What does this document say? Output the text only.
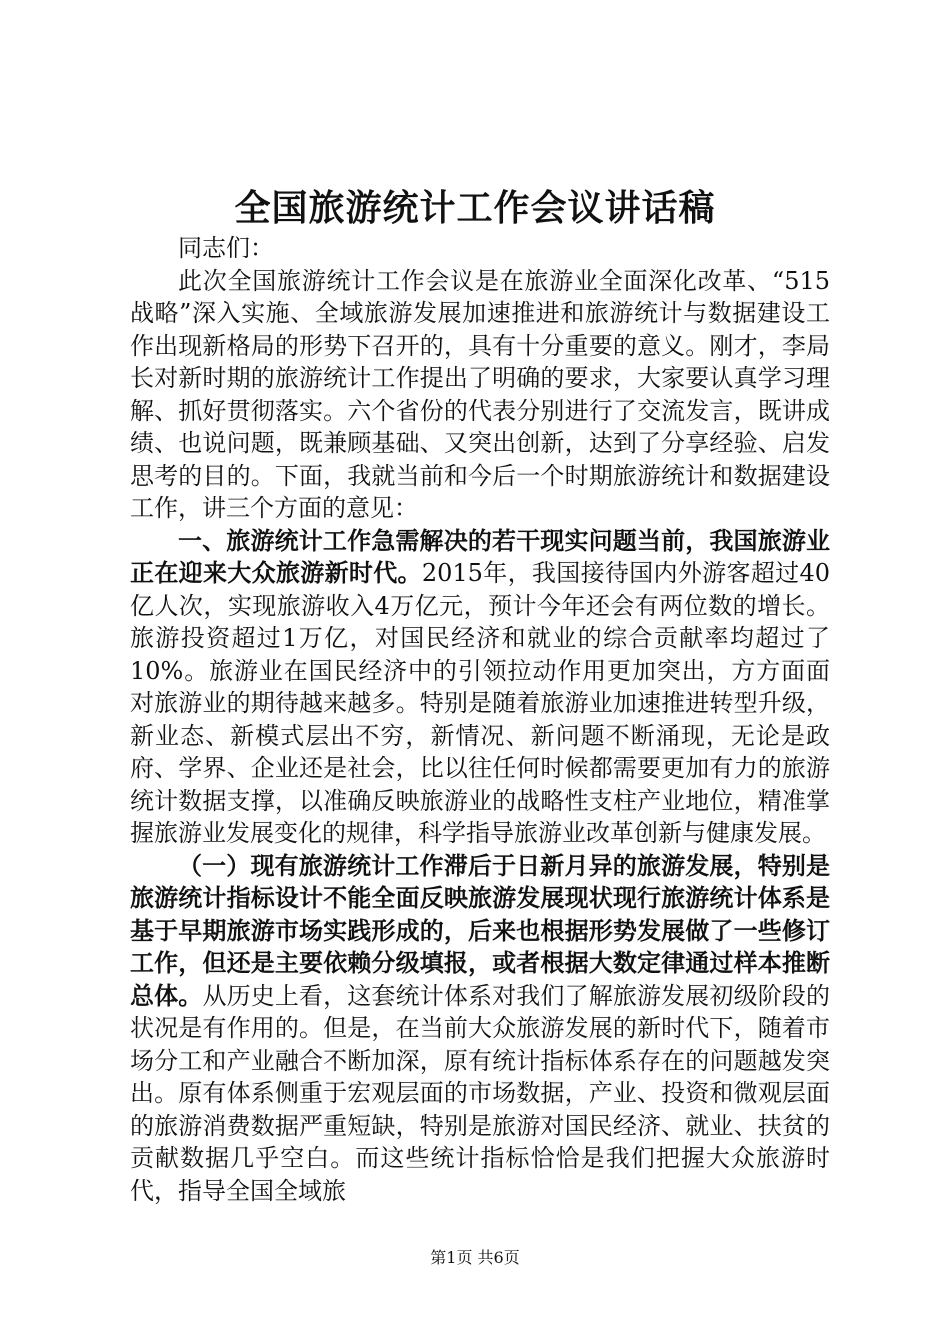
全国旅游统计工作会议讲话稿

同志们：

此次全国旅游统计工作会议是在旅游业全面深化改革、“515战略”深入实施、全域旅游发展加速推进和旅游统计与数据建设工作出现新格局的形势下召开的，具有十分重要的意义。刚才，李局长对新时期的旅游统计工作提出了明确的要求，大家要认真学习理解、抓好贯彻落实。六个省份的代表分别进行了交流发言，既讲成绩、也说问题，既兼顾基础、又突出创新，达到了分享经验、启发思考的目的。下面，我就当前和今后一个时期旅游统计和数据建设工作，讲三个方面的意见：

一、旅游统计工作急需解决的若干现实问题当前，我国旅游业正在迎来大众旅游新时代。2015年，我国接待国内外游客超过40亿人次，实现旅游收入4万亿元，预计今年还会有两位数的增长。旅游投资超过1万亿，对国民经济和就业的综合贡献率均超过了10%。旅游业在国民经济中的引领拉动作用更加突出，方方面面对旅游业的期待越来越多。特别是随着旅游业加速推进转型升级，新业态、新模式层出不穷，新情况、新问题不断涌现，无论是政府、学界、企业还是社会，比以往任何时候都需要更加有力的旅游统计数据支撑，以准确反映旅游业的战略性支柱产业地位，精准掌握旅游业发展变化的规律，科学指导旅游业改革创新与健康发展。

（一）现有旅游统计工作滞后于日新月异的旅游发展，特别是旅游统计指标设计不能全面反映旅游发展现状现行旅游统计体系是基于早期旅游市场实践形成的，后来也根据形势发展做了一些修订工作，但还是主要依赖分级填报，或者根据大数定律通过样本推断总体。从历史上看，这套统计体系对我们了解旅游发展初级阶段的状况是有作用的。但是，在当前大众旅游发展的新时代下，随着市场分工和产业融合不断加深，原有统计指标体系存在的问题越发突出。原有体系侧重于宏观层面的市场数据，产业、投资和微观层面的旅游消费数据严重短缺，特别是旅游对国民经济、就业、扶贫的贡献数据几乎空白。而这些统计指标恰恰是我们把握大众旅游时代，指导全国全域旅

第1页 共6页
